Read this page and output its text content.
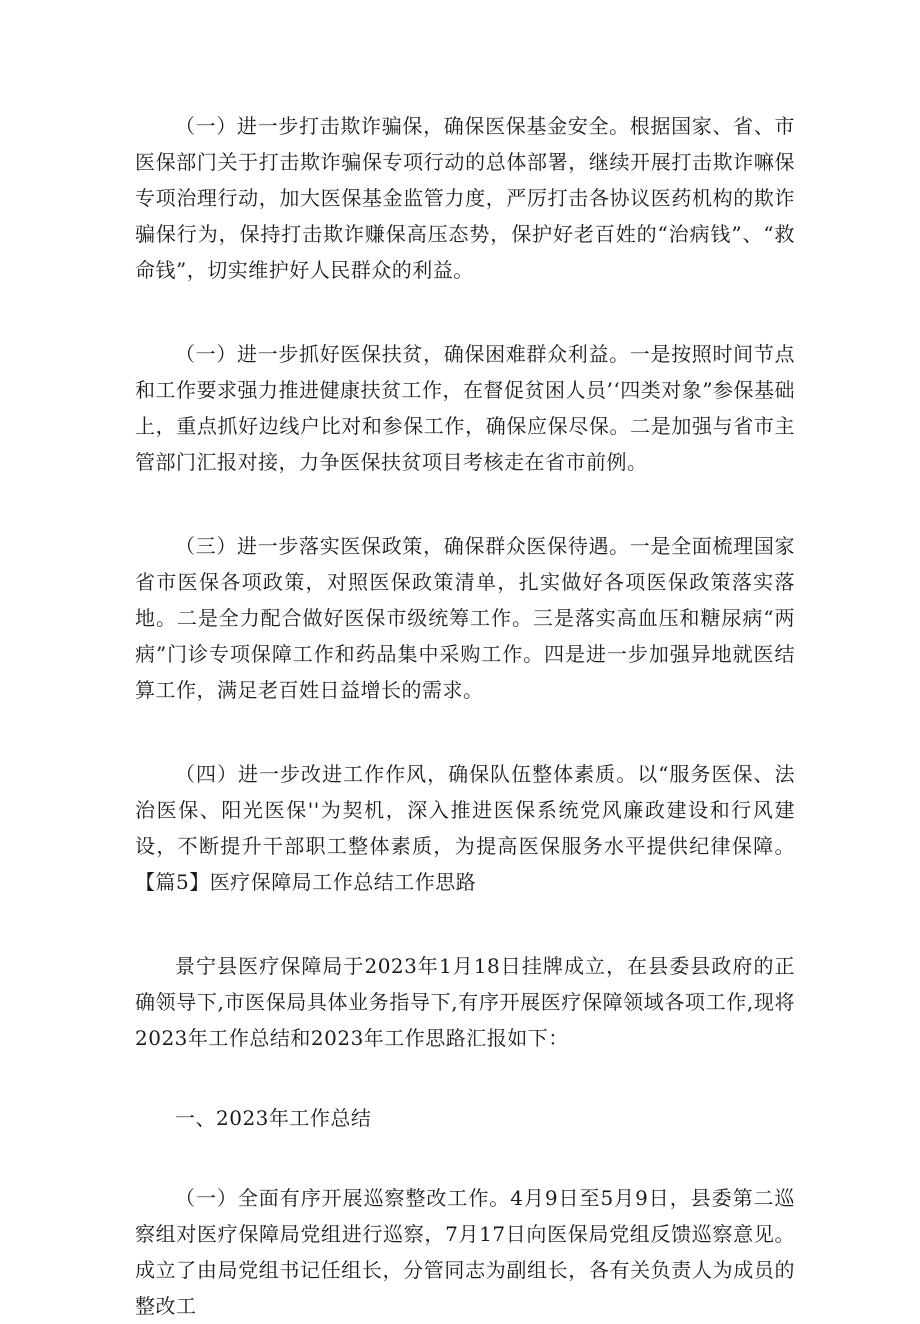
（一）进一步打击欺诈骗保，确保医保基金安全。根据国家、省、市医保部门关于打击欺诈骗保专项行动的总体部署，继续开展打击欺诈嘛保专项治理行动，加大医保基金监管力度，严厉打击各协议医药机构的欺诈骗保行为，保持打击欺诈赚保高压态势，保护好老百姓的“治病钱”、“救命钱”，切实维护好人民群众的利益。

（一）进一步抓好医保扶贫，确保困难群众利益。一是按照时间节点和工作要求强力推进健康扶贫工作，在督促贫困人员’‘四类对象”参保基础上，重点抓好边线户比对和参保工作，确保应保尽保。二是加强与省市主管部门汇报对接，力争医保扶贫项目考核走在省市前例。

（三）进一步落实医保政策，确保群众医保待遇。一是全面梳理国家省市医保各项政策，对照医保政策清单，扎实做好各项医保政策落实落地。二是全力配合做好医保市级统筹工作。三是落实高血压和糖尿病“两病”门诊专项保障工作和药品集中采购工作。四是进一步加强异地就医结算工作，满足老百姓日益增长的需求。

（四）进一步改进工作作风，确保队伍整体素质。以“服务医保、法治医保、阳光医保''为契机，深入推进医保系统党风廉政建设和行风建设，不断提升干部职工整体素质，为提高医保服务水平提供纪律保障。【篇5】医疗保障局工作总结工作思路

景宁县医疗保障局于2023年1月18日挂牌成立，在县委县政府的正确领导下,市医保局具体业务指导下,有序开展医疗保障领域各项工作,现将2023年工作总结和2023年工作思路汇报如下：

一、2023年工作总结

（一）全面有序开展巡察整改工作。4月9日至5月9日，县委第二巡察组对医疗保障局党组进行巡察，7月17日向医保局党组反馈巡察意见。成立了由局党组书记任组长，分管同志为副组长，各有关负责人为成员的整改工
